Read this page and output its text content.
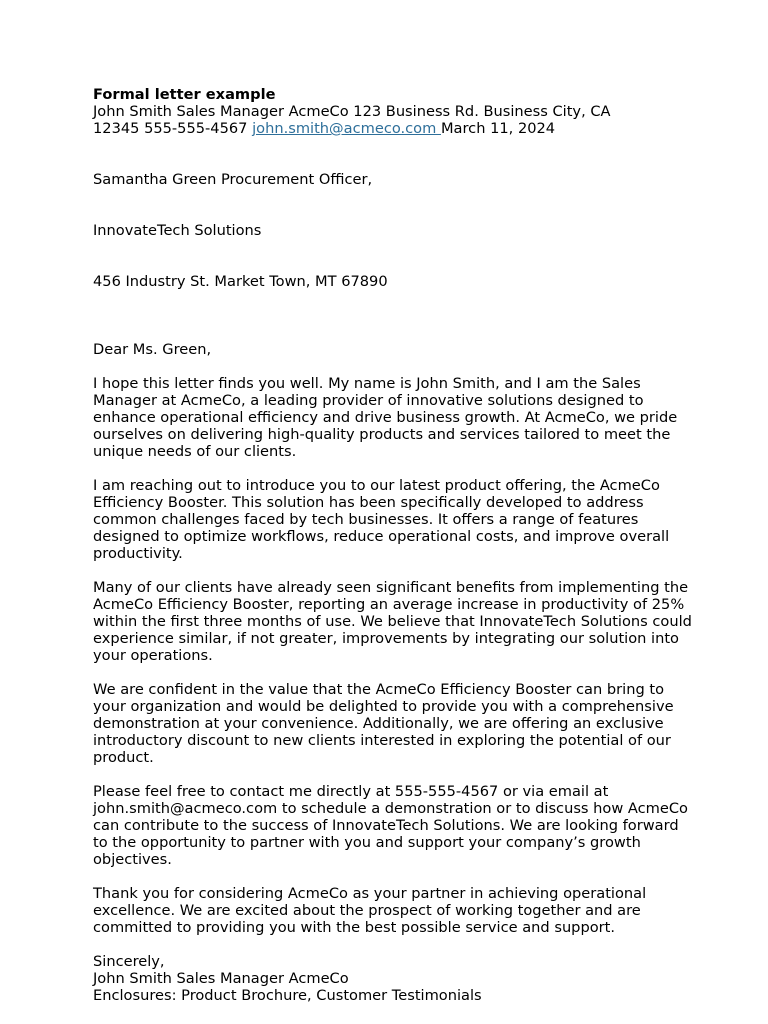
Formal letter example
John Smith Sales Manager AcmeCo 123 Business Rd. Business City, CA
12345 555-555-4567 john.smith@acmeco.com March 11, 2024

Samantha Green Procurement Officer,

InnovateTech Solutions

456 Industry St. Market Town, MT 67890

Dear Ms. Green,

I hope this letter finds you well. My name is John Smith, and I am the Sales Manager at AcmeCo, a leading provider of innovative solutions designed to enhance operational efficiency and drive business growth. At AcmeCo, we pride ourselves on delivering high-quality products and services tailored to meet the unique needs of our clients.

I am reaching out to introduce you to our latest product offering, the AcmeCo Efficiency Booster. This solution has been specifically developed to address common challenges faced by tech businesses. It offers a range of features designed to optimize workflows, reduce operational costs, and improve overall productivity.

Many of our clients have already seen significant benefits from implementing the AcmeCo Efficiency Booster, reporting an average increase in productivity of 25% within the first three months of use. We believe that InnovateTech Solutions could experience similar, if not greater, improvements by integrating our solution into your operations.

We are confident in the value that the AcmeCo Efficiency Booster can bring to your organization and would be delighted to provide you with a comprehensive demonstration at your convenience. Additionally, we are offering an exclusive introductory discount to new clients interested in exploring the potential of our product.

Please feel free to contact me directly at 555-555-4567 or via email at john.smith@acmeco.com to schedule a demonstration or to discuss how AcmeCo can contribute to the success of InnovateTech Solutions. We are looking forward to the opportunity to partner with you and support your company’s growth objectives.

Thank you for considering AcmeCo as your partner in achieving operational excellence. We are excited about the prospect of working together and are committed to providing you with the best possible service and support.

Sincerely,
John Smith Sales Manager AcmeCo
Enclosures: Product Brochure, Customer Testimonials
